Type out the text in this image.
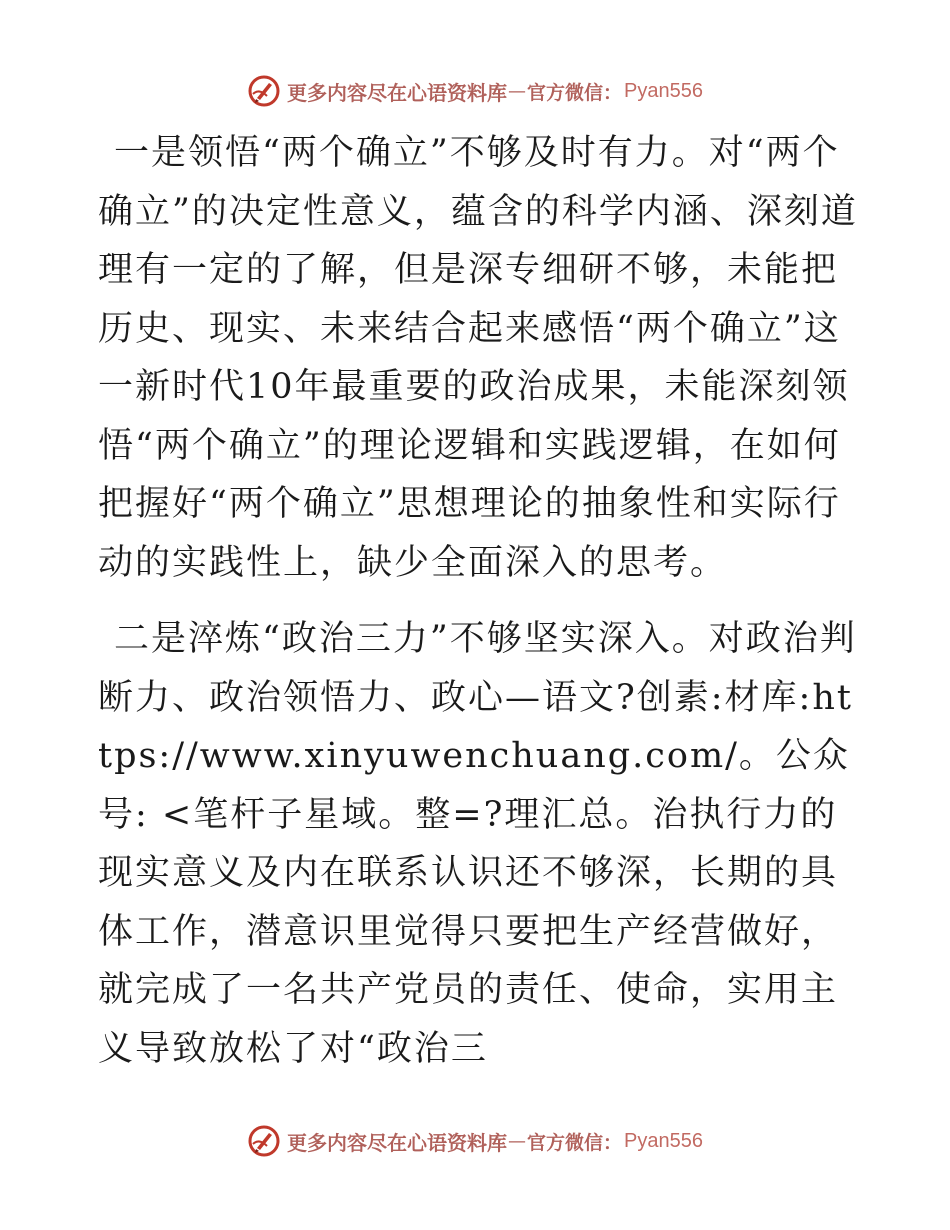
更多内容尽在心语资料库 — 官方微信： Pyan556

一是领悟“两个确立”不够及时有力。对“两个确立”的决定性意义，蕴含的科学内涵、深刻道理有一定的了解，但是深专细研不够，未能把历史、现实、未来结合起来感悟“两个确立”这一新时代10年最重要的政治成果，未能深刻领悟“两个确立”的理论逻辑和实践逻辑，在如何把握好“两个确立”思想理论的抽象性和实际行动的实践性上，缺少全面深入的思考。

二是淬炼“政治三力”不够坚实深入。对政治判断力、政治领悟力、政心—语文?创素:材库:https://www.xinyuwenchuang.com/。公众号: <笔杆子星域。整=?理汇总。治执行力的现实意义及内在联系认识还不够深，长期的具体工作，潜意识里觉得只要把生产经营做好，就完成了一名共产党员的责任、使命，实用主义导致放松了对“政治三

更多内容尽在心语资料库 — 官方微信： Pyan556
